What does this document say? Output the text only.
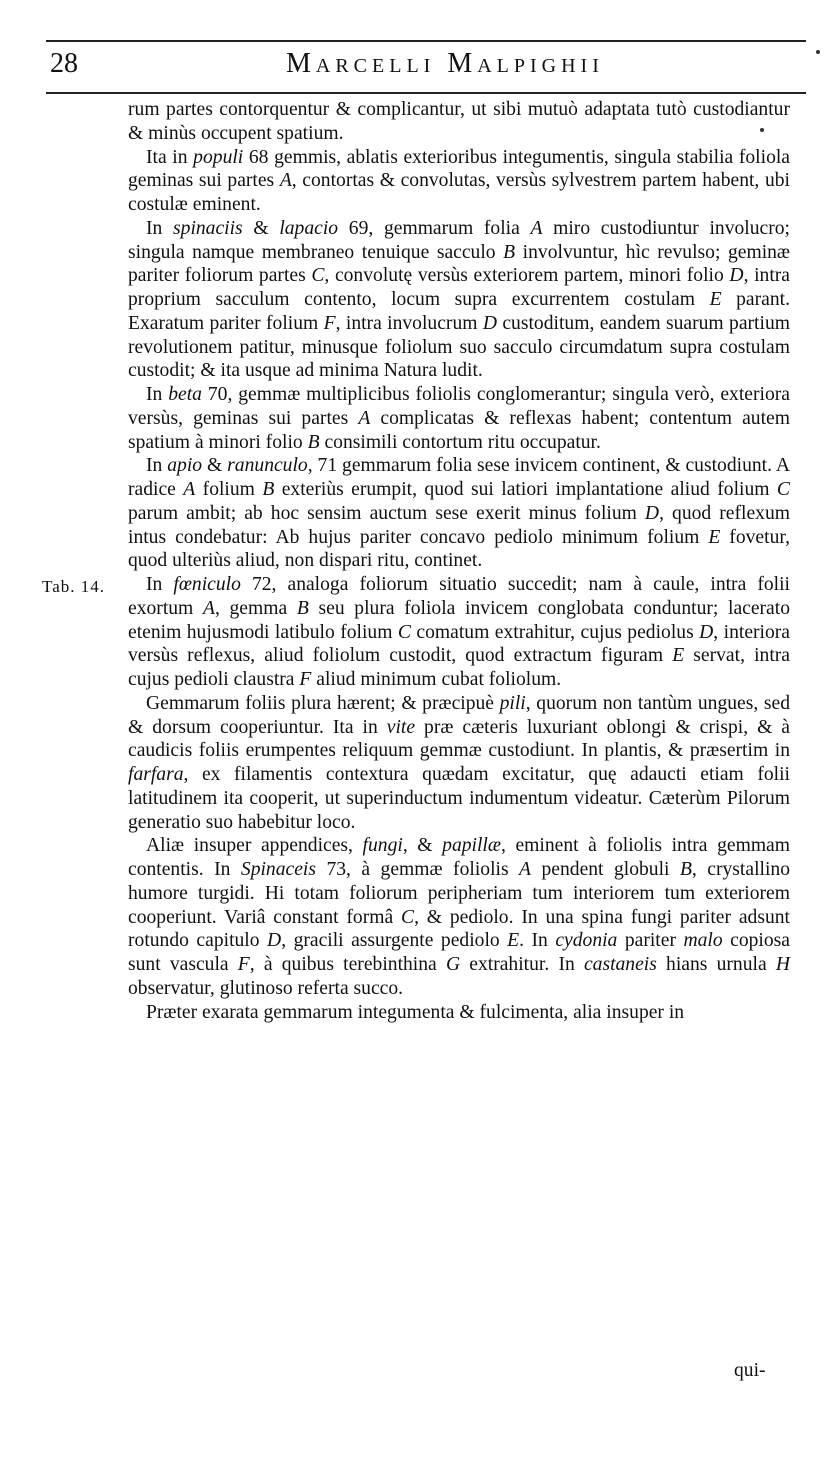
28	Marcelli Malpighii
Tab. 14.

rum partes contorquentur & complicantur, ut sibi mutuò adaptata tutò custodiantur & minùs occupent spatium.

Ita in populi 68 gemmis, ablatis exterioribus integumentis, singula stabilia foliola geminas sui partes A, contortas & convolutas, versùs sylvestrem partem habent, ubi costulæ eminent.

In spinaciis & lapacio 69, gemmarum folia A miro custodiuntur involucro; singula namque membraneo tenuique sacculo B involvuntur, hìc revulso; geminæ pariter foliorum partes C, convolutę versùs exteriorem partem, minori folio D, intra proprium sacculum contento, locum supra excurrentem costulam E parant. Exaratum pariter folium F, intra involucrum D custoditum, eandem suarum partium revolutionem patitur, minusque foliolum suo sacculo circumdatum supra costulam custodit; & ita usque ad minima Natura ludit.

In beta 70, gemmæ multiplicibus foliolis conglomerantur; singula verò, exteriora versùs, geminas sui partes A complicatas & reflexas habent; contentum autem spatium à minori folio B consimili contortum ritu occupatur.

In apio & ranunculo, 71 gemmarum folia sese invicem continent, & custodiunt. A radice A folium B exteriùs erumpit, quod sui latiori implantatione aliud folium C parum ambit; ab hoc sensim auctum sese exerit minus folium D, quod reflexum intus condebatur: Ab hujus pariter concavo pediolo minimum folium E fovetur, quod ulteriùs aliud, non dispari ritu, continet.

In fœniculo 72, analoga foliorum situatio succedit; nam à caule, intra folii exortum A, gemma B seu plura foliola invicem conglobata conduntur; lacerato etenim hujusmodi latibulo folium C comatum extrahitur, cujus pediolus D, interiora versùs reflexus, aliud foliolum custodit, quod extractum figuram E servat, intra cujus pedioli claustra F aliud minimum cubat foliolum.

Gemmarum foliis plura hærent; & præcipuè pili, quorum non tantùm ungues, sed & dorsum cooperiuntur. Ita in vite præ cæteris luxuriant oblongi & crispi, & à caudicis foliis erumpentes reliquum gemmæ custodiunt. In plantis, & præsertim in farfara, ex filamentis contextura quædam excitatur, quę adaucti etiam folii latitudinem ita cooperit, ut superinductum indumentum videatur. Cæterùm Pilorum generatio suo habebitur loco.

Aliæ insuper appendices, fungi, & papillæ, eminent à foliolis intra gemmam contentis. In Spinaceis 73, à gemmæ foliolis A pendent globuli B, crystallino humore turgidi. Hi totam foliorum peripheriam tum interiorem tum exteriorem cooperiunt. Variâ constant formâ C, & pediolo. In una spina fungi pariter adsunt rotundo capitulo D, gracili assurgente pediolo E. In cydonia pariter malo copiosa sunt vascula F, à quibus terebinthina G extrahitur. In castaneis hians urnula H observatur, glutinoso referta succo.

Præter exarata gemmarum integumenta & fulcimenta, alia insuper in

qui-
